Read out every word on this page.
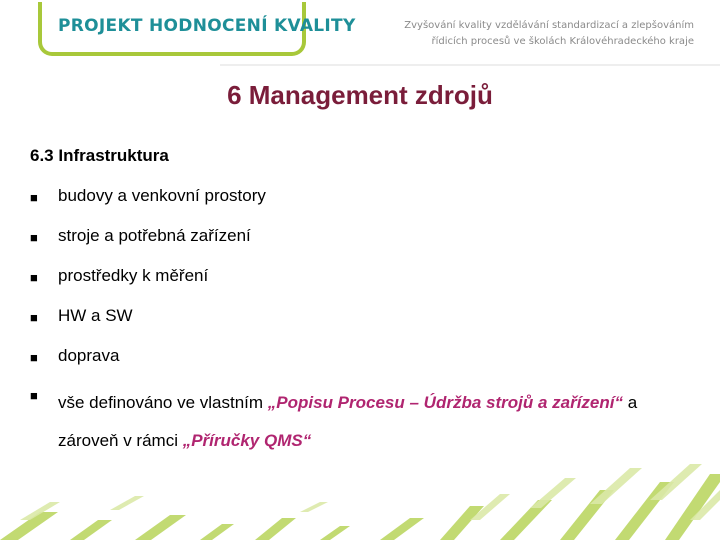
PROJEKT HODNOCENÍ KVALITY	Zvyšování kvality vzdělávání standardizací a zlepšováním
řídicích procesů ve školách Královéhradeckého kraje
6 Management zdrojů
6.3 Infrastruktura
■ budovy a venkovní prostory
■ stroje a potřebná zařízení
■ prostředky k měření
■ HW a SW
■ doprava
■ vše definováno ve vlastním „Popisu Procesu – Údržba strojů a zařízení“ a zároveň v rámci „Příručky QMS“
